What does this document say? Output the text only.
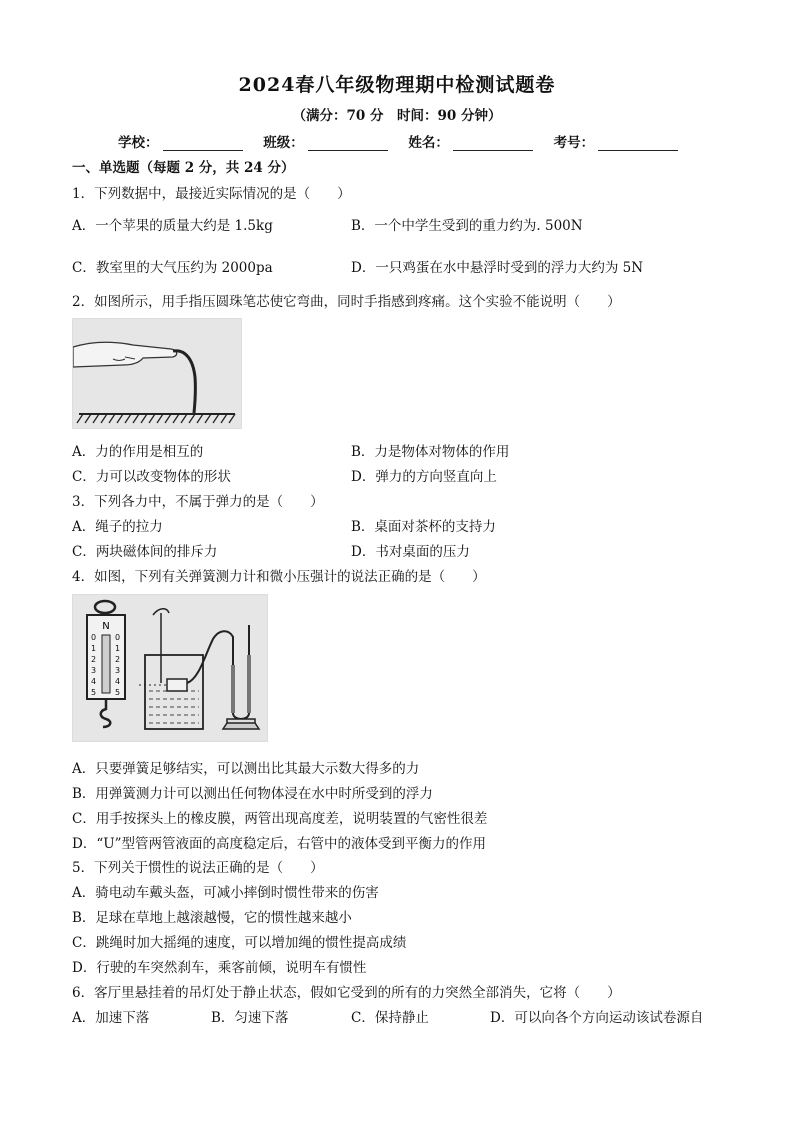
2024春八年级物理期中检测试题卷
（满分：70 分　时间：90 分钟）
学校：	班级：	姓名：	考号：
一、单选题（每题 2 分，共 24 分）
1．下列数据中，最接近实际情况的是（　　）
A．一个苹果的质量大约是 1.5kg	B．一个中学生受到的重力约为. 500N
C．教室里的大气压约为 2000pa	D．一只鸡蛋在水中悬浮时受到的浮力大约为 5N
2．如图所示，用手指压圆珠笔芯使它弯曲，同时手指感到疼痛。这个实验不能说明（　　）
A．力的作用是相互的	B．力是物体对物体的作用
C．力可以改变物体的形状	D．弹力的方向竖直向上
3．下列各力中，不属于弹力的是（　　）
A．绳子的拉力	B．桌面对茶杯的支持力
C．两块磁体间的排斥力	D．书对桌面的压力
4．如图，下列有关弹簧测力计和微小压强计的说法正确的是（　　）
N
0
1
2
3
4
5
0
1
2
3
4
5
A．只要弹簧足够结实，可以测出比其最大示数大得多的力
B．用弹簧测力计可以测出任何物体浸在水中时所受到的浮力
C．用手按探头上的橡皮膜，两管出现高度差，说明装置的气密性很差
D．“U”型管两管液面的高度稳定后，右管中的液体受到平衡力的作用
5．下列关于惯性的说法正确的是（　　）
A．骑电动车戴头盔，可减小摔倒时惯性带来的伤害
B．足球在草地上越滚越慢，它的惯性越来越小
C．跳绳时加大摇绳的速度，可以增加绳的惯性提高成绩
D．行驶的车突然刹车，乘客前倾，说明车有惯性
6．客厅里悬挂着的吊灯处于静止状态，假如它受到的所有的力突然全部消失，它将（　　）
A．加速下落	B．匀速下落	C．保持静止	D．可以向各个方向运动该试卷源自
